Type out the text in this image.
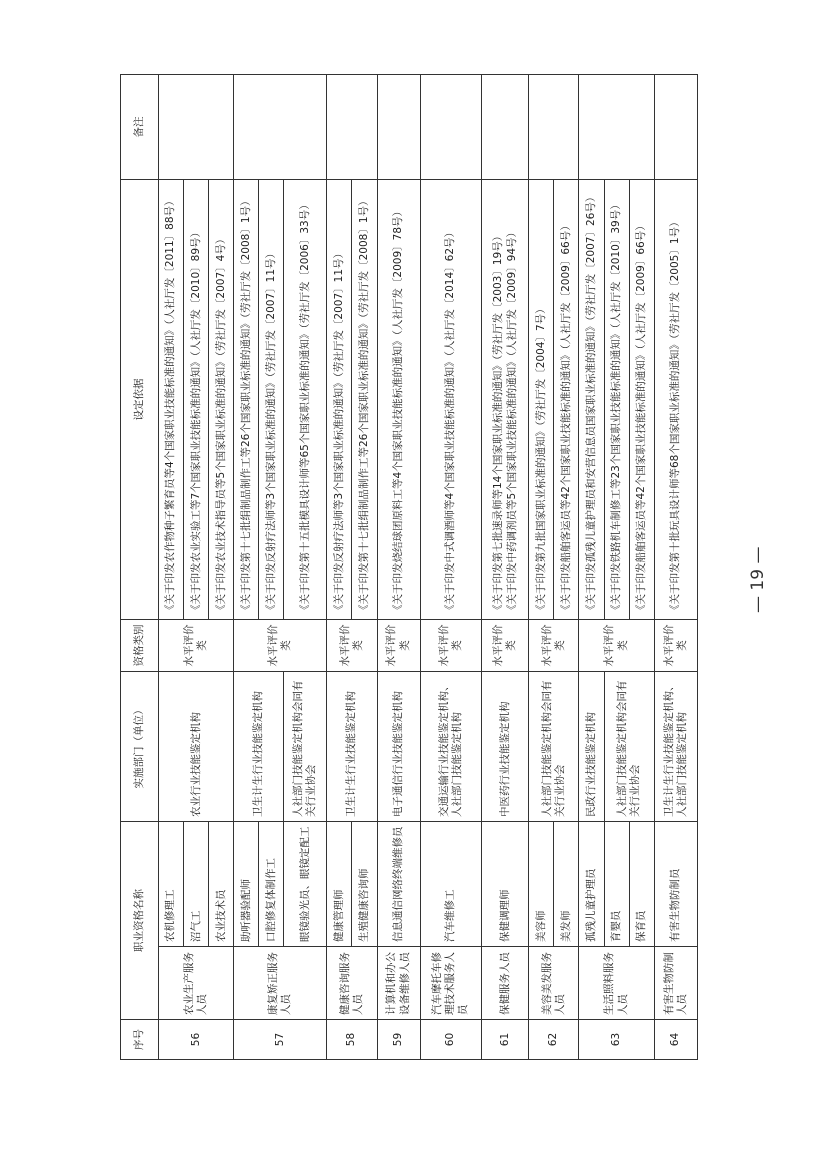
序号	职业资格名称		实施部门（单位）	资格类别	设定依据	备注
56	农业生产服务人员	农机修理工	农业行业技能鉴定机构	水平评价类	《关于印发农作物种子繁育员等4个国家职业技能标准的通知》（人社厅发〔2011〕88号）	
		沼气工			《关于印发农业实验工等7个国家职业技能标准的通知》（人社厅发〔2010〕89号）	
		农业技术员			《关于印发农业技术指导员等5个国家职业标准的通知》（劳社厅发〔2007〕4号）	
57	康复矫正服务人员	助听器验配师	卫生计生行业技能鉴定机构	水平评价类	《关于印发第十七批绢制品制作工等26个国家职业标准的通知》（劳社厅发〔2008〕1号）	
		口腔修复体制作工			《关于印发反射疗法师等3个国家职业标准的通知》（劳社厅发〔2007〕11号）	
		眼镜验光员、眼镜定配工	人社部门技能鉴定机构会同有关行业协会		《关于印发第十五批模具设计师等65个国家职业标准的通知》（劳社厅发〔2006〕33号）	
58	健康咨询服务人员	健康管理师	卫生计生行业技能鉴定机构	水平评价类	《关于印发反射疗法师等3个国家职业标准的通知》（劳社厅发〔2007〕11号）	
		生殖健康咨询师			《关于印发第十七批绢制品制作工等26个国家职业标准的通知》（劳社厅发〔2008〕1号）	
59	计算机和办公设备维修人员	信息通信网络终端维修员	电子通信行业技能鉴定机构	水平评价类	《关于印发烧结球团原料工等4个国家职业技能标准的通知》（人社厅发〔2009〕78号）	
60	汽车摩托车修理技术服务人员	汽车维修工	交通运输行业技能鉴定机构、人社部门技能鉴定机构	水平评价类	《关于印发中式调酒师等4个国家职业技能标准的通知》（人社厅发〔2014〕62号）	
61	保健服务人员	保健调理师	中医药行业技能鉴定机构	水平评价类	《关于印发第七批速录师等14个国家职业标准的通知》（劳社厅发〔2003〕19号） 《关于印发中药调剂员等5个国家职业技能标准的通知》（人社厅发〔2009〕94号）	

62	美容美发服务人员	美容师	人社部门技能鉴定机构会同有关行业协会	水平评价类	《关于印发第九批国家职业标准的通知》（劳社厅发〔2004〕7号）	
		美发师			《关于印发船舶客运员等42个国家职业技能标准的通知》（人社厅发〔2009〕66号）	
63	生活照料服务人员	孤残儿童护理员	民政行业技能鉴定机构	水平评价类	《关于印发孤残儿童护理员和安营信息员国家职业标准的通知》（劳社厅发〔2007〕26号）	
		育婴员	人社部门技能鉴定机构会同有关行业协会		《关于印发铁路机车制修工等23个国家职业技能标准的通知》（人社厅发〔2010〕39号）	
		保育员			《关于印发船舶客运员等42个国家职业技能标准的通知》（人社厅发〔2009〕66号）	
64	有害生物防制人员	有害生物防制员	卫生计生行业技能鉴定机构、人社部门技能鉴定机构	水平评价类	《关于印发第十批玩具设计师等68个国家职业标准的通知》（劳社厅发〔2005〕1号）		— 19 —
